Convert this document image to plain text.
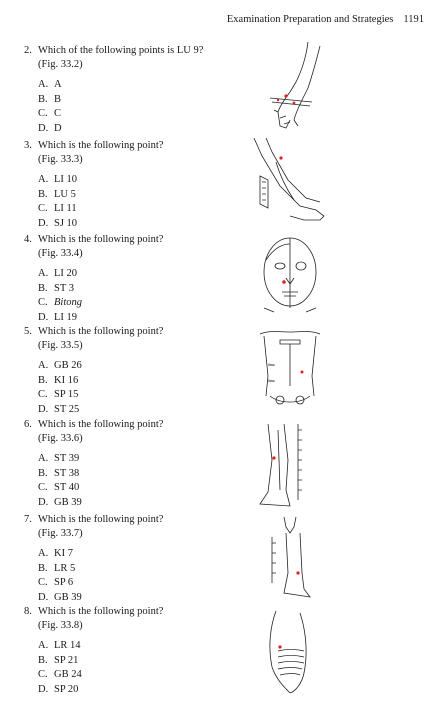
Examination Preparation and Strategies 1191
2. Which of the following points is LU 9?
(Fig. 33.2)
A. A
B. B
C. C
D. D
3. Which is the following point?
(Fig. 33.3)
A. LI 10
B. LU 5
C. LI 11
D. SJ 10
4. Which is the following point?
(Fig. 33.4)
A. LI 20
B. ST 3
C. Bitong
D. LI 19
5. Which is the following point?
(Fig. 33.5)
A. GB 26
B. KI 16
C. SP 15
D. ST 25
6. Which is the following point?
(Fig. 33.6)
A. ST 39
B. ST 38
C. ST 40
D. GB 39
7. Which is the following point?
(Fig. 33.7)
A. KI 7
B. LR 5
C. SP 6
D. GB 39
8. Which is the following point?
(Fig. 33.8)
A. LR 14
B. SP 21
C. GB 24
D. SP 20
lliac
lliac
